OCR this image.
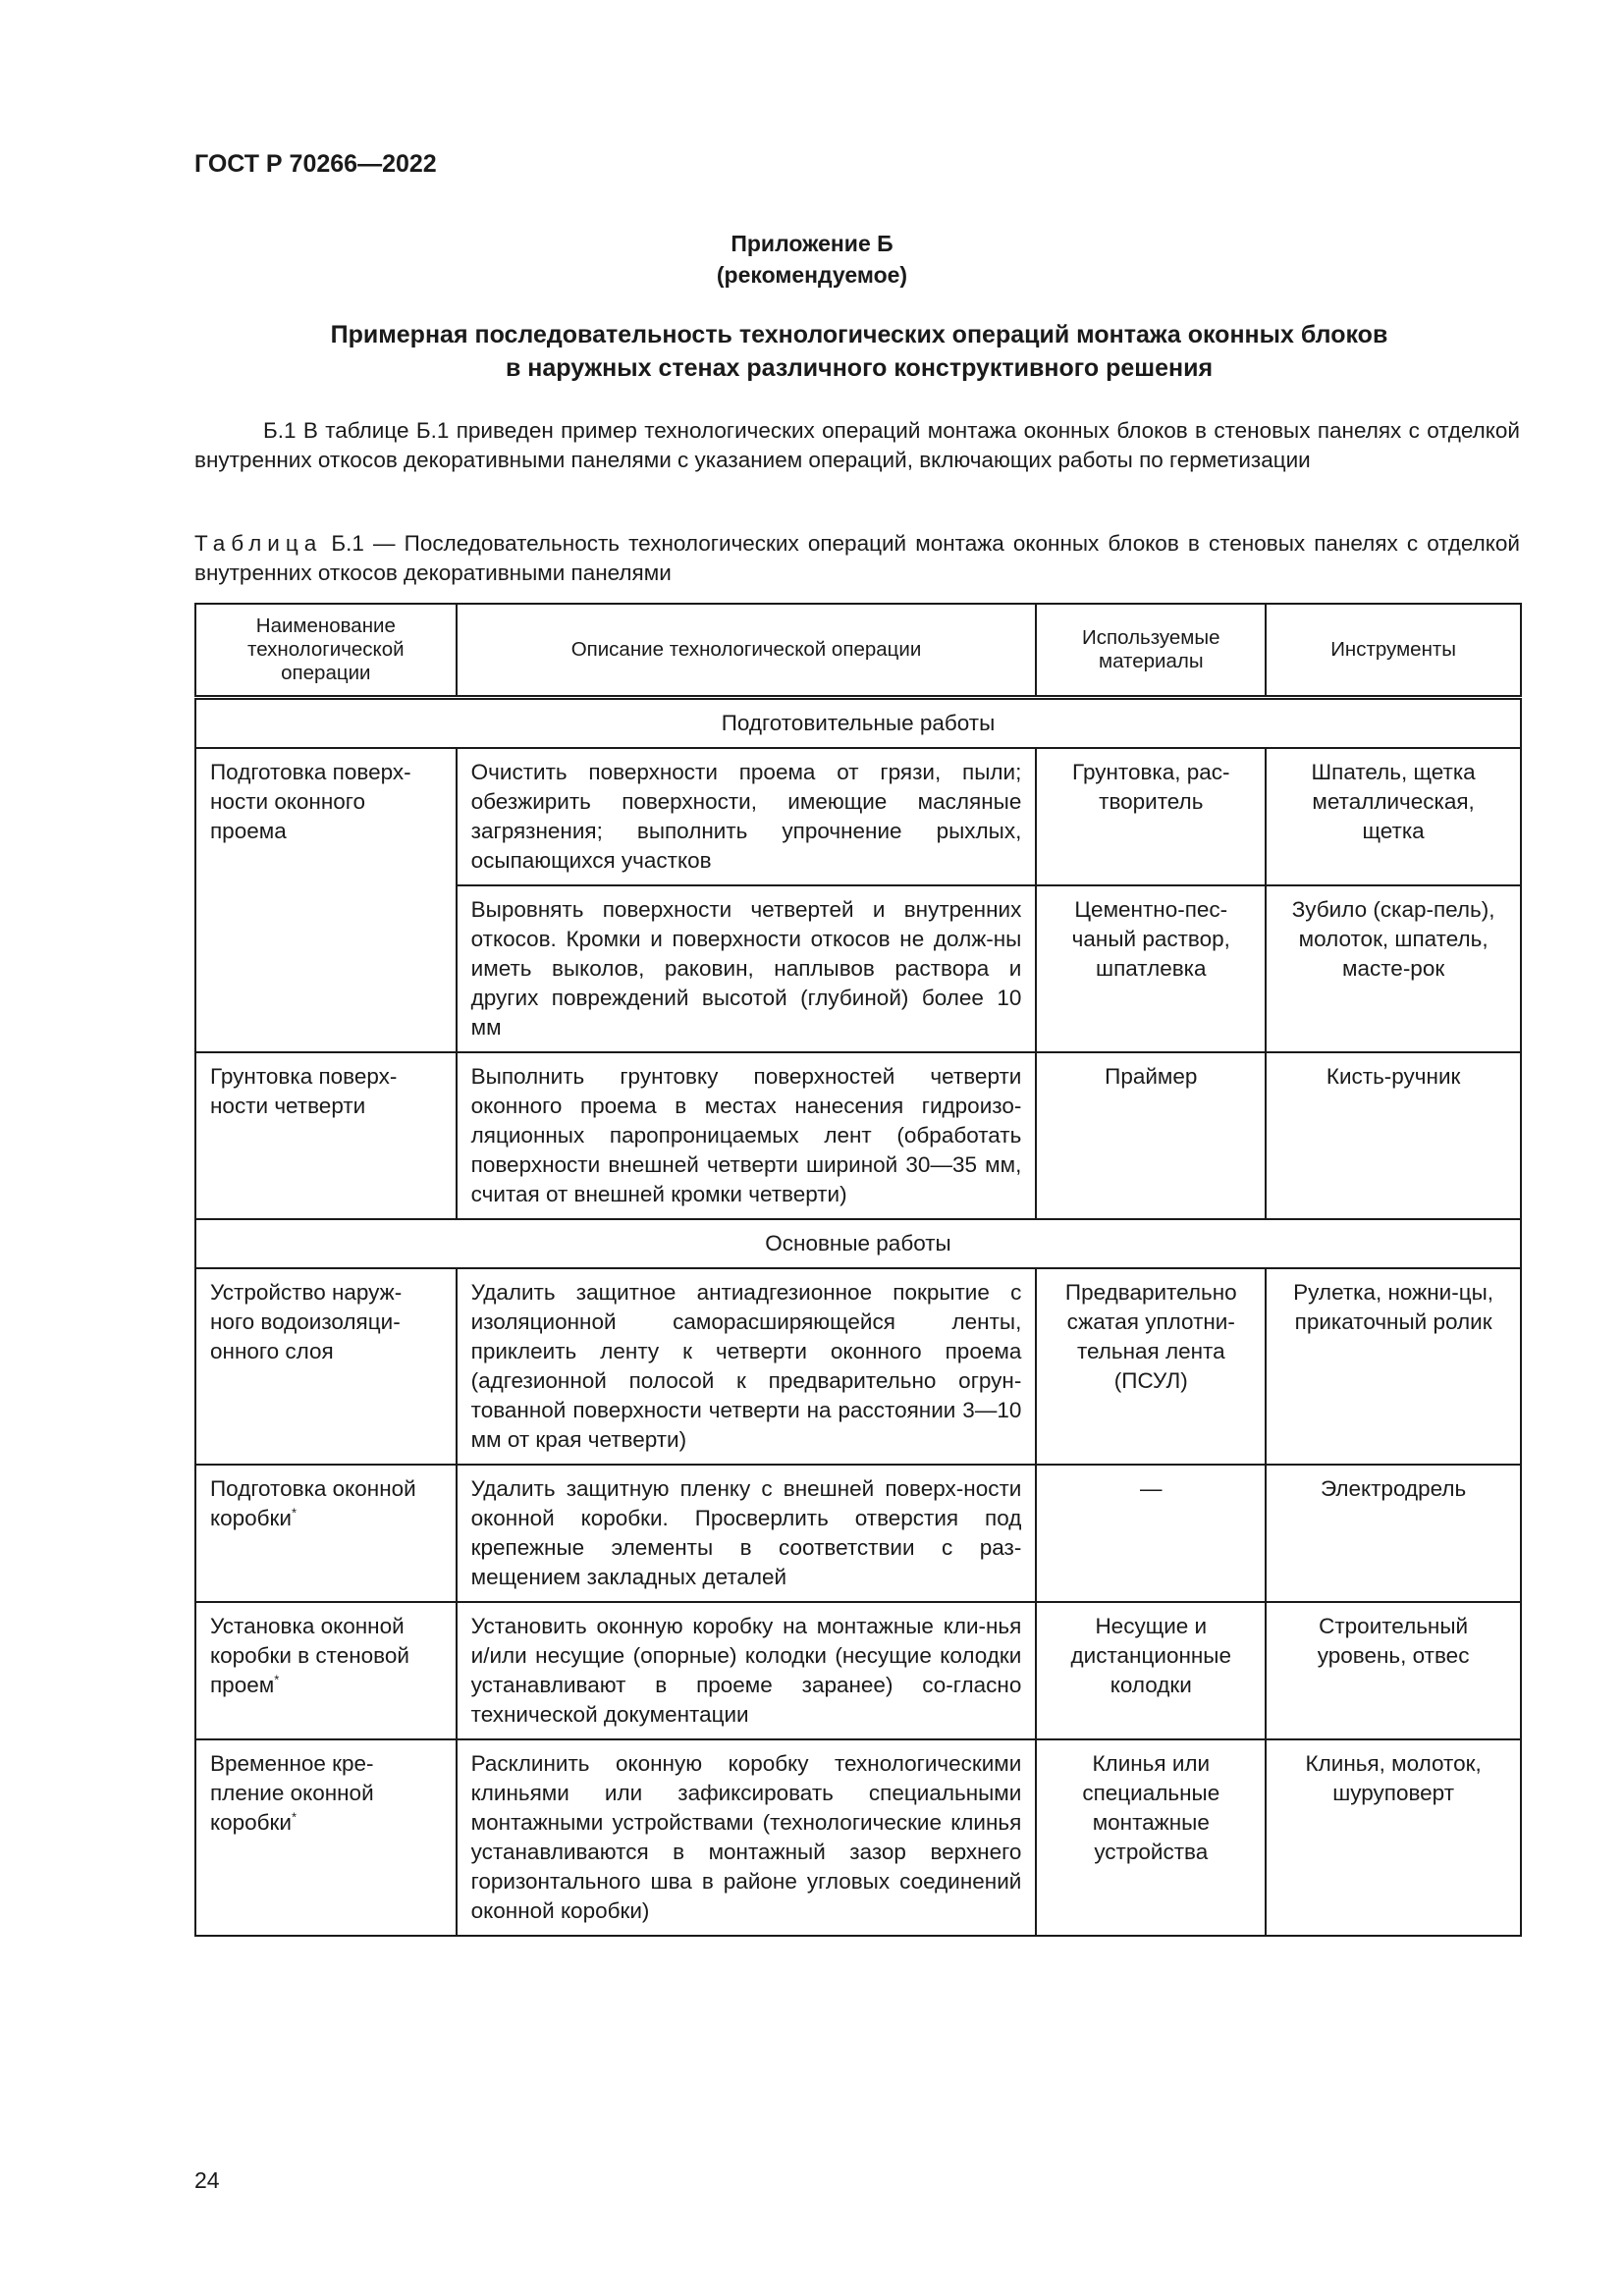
ГОСТ Р 70266—2022

Приложение Б
(рекомендуемое)
Примерная последовательность технологических операций монтажа оконных блоков
в наружных стенах различного конструктивного решения

Б.1 В таблице Б.1 приведен пример технологических операций монтажа оконных блоков в стеновых панелях с отделкой внутренних откосов декоративными панелями с указанием операций, включающих работы по герметизации

Таблица Б.1 — Последовательность технологических операций монтажа оконных блоков в стеновых панелях с отделкой внутренних откосов декоративными панелями

Наименование технологической операции	Описание технологической операции	Используемые материалы	Инструменты
Подготовительные работы			
Подготовка поверх-ности оконного проема	Очистить поверхности проема от грязи, пыли; обезжирить поверхности, имеющие масляные загрязнения; выполнить упрочнение рыхлых, осыпающихся участков	Грунтовка, рас-творитель	Шпатель, щетка металлическая, щетка
	Выровнять поверхности четвертей и внутренних откосов. Кромки и поверхности откосов не долж-ны иметь выколов, раковин, наплывов раствора и других повреждений высотой (глубиной) более 10 мм	Цементно-пес-чаный раствор, шпатлевка	Зубило (скар-пель), молоток, шпатель, масте-рок
Грунтовка поверх-ности четверти	Выполнить грунтовку поверхностей четверти оконного проема в местах нанесения гидроизо-ляционных паропроницаемых лент (обработать поверхности внешней четверти шириной 30—35 мм, считая от внешней кромки четверти)	Праймер	Кисть-ручник
Основные работы			
Устройство наруж-ного водоизоляци-онного слоя	Удалить защитное антиадгезионное покрытие с изоляционной саморасширяющейся ленты, приклеить ленту к четверти оконного проема (адгезионной полосой к предварительно огрун-тованной поверхности четверти на расстоянии 3—10 мм от края четверти)	Предварительно сжатая уплотни-тельная лента (ПСУЛ)	Рулетка, ножни-цы, прикаточный ролик
Подготовка оконной коробки*	Удалить защитную пленку с внешней поверх-ности оконной коробки. Просверлить отверстия под крепежные элементы в соответствии с раз-мещением закладных деталей	—	Электродрель
Установка оконной коробки в стеновой проем*	Установить оконную коробку на монтажные кли-нья и/или несущие (опорные) колодки (несущие колодки устанавливают в проеме заранее) со-гласно технической документации	Несущие и дистанционные колодки	Строительный уровень, отвес
Временное кре-пление оконной коробки*	Расклинить оконную коробку технологическими клиньями или зафиксировать специальными монтажными устройствами (технологические клинья устанавливаются в монтажный зазор верхнего горизонтального шва в районе угловых соединений оконной коробки)	Клинья или специальные монтажные устройства	Клинья, молоток, шуруповерт

24
